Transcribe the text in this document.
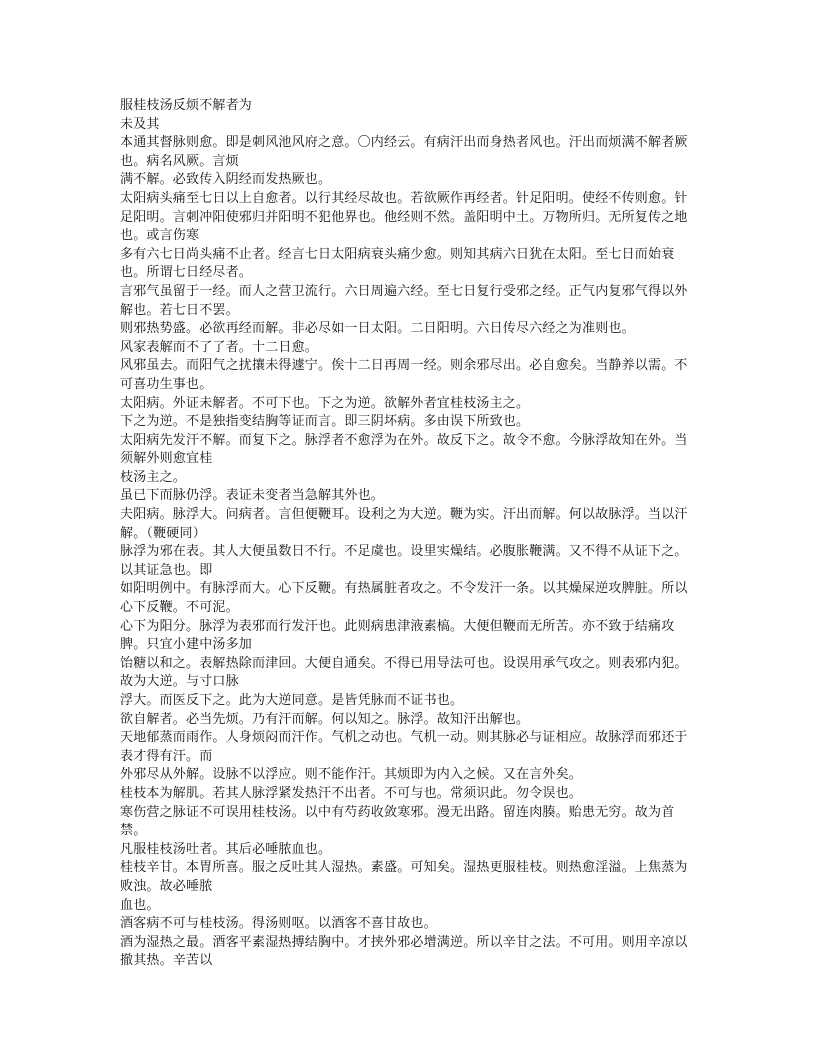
服桂枝汤反烦不解者为

未及其

本通其督脉则愈。即是刺风池风府之意。〇内经云。有病汗出而身热者风也。汗出而烦满不解者厥也。病名风厥。言烦

满不解。必致传入阴经而发热厥也。

太阳病头痛至七日以上自愈者。以行其经尽故也。若欲厥作再经者。针足阳明。使经不传则愈。针足阳明。言刺冲阳使邪归并阳明不犯他界也。他经则不然。盖阳明中土。万物所归。无所复传之地也。或言伤寒

多有六七日尚头痛不止者。经言七日太阳病衰头痛少愈。则知其病六日犹在太阳。至七日而始衰也。所谓七日经尽者。

言邪气虽留于一经。而人之营卫流行。六日周遍六经。至七日复行受邪之经。正气内复邪气得以外解也。若七日不罢。

则邪热势盛。必欲再经而解。非必尽如一日太阳。二日阳明。六日传尽六经之为准则也。

风家表解而不了了者。十二日愈。

风邪虽去。而阳气之扰攘未得遽宁。俟十二日再周一经。则余邪尽出。必自愈矣。当静养以需。不可喜功生事也。

太阳病。外证未解者。不可下也。下之为逆。欲解外者宜桂枝汤主之。

下之为逆。不是独指变结胸等证而言。即三阴坏病。多由误下所致也。

太阳病先发汗不解。而复下之。脉浮者不愈浮为在外。故反下之。故令不愈。今脉浮故知在外。当须解外则愈宜桂

枝汤主之。

虽已下而脉仍浮。表证未变者当急解其外也。

夫阳病。脉浮大。问病者。言但便鞭耳。设利之为大逆。鞭为实。汗出而解。何以故脉浮。当以汗解。（鞭硬同）

脉浮为邪在表。其人大便虽数日不行。不足虞也。设里实燥结。必腹胀鞭满。又不得不从证下之。以其证急也。即

如阳明例中。有脉浮而大。心下反鞭。有热属脏者攻之。不令发汗一条。以其燥屎逆攻脾脏。所以心下反鞭。不可泥。

心下为阳分。脉浮为表邪而行发汗也。此则病患津液素槁。大便但鞭而无所苦。亦不致于结痛攻脾。只宜小建中汤多加

饴糖以和之。表解热除而津回。大便自通矣。不得已用导法可也。设误用承气攻之。则表邪内犯。故为大逆。与寸口脉

浮大。而医反下之。此为大逆同意。是皆凭脉而不证书也。

欲自解者。必当先烦。乃有汗而解。何以知之。脉浮。故知汗出解也。

天地郁蒸而雨作。人身烦闷而汗作。气机之动也。气机一动。则其脉必与证相应。故脉浮而邪还于表才得有汗。而

外邪尽从外解。设脉不以浮应。则不能作汗。其烦即为内入之候。又在言外矣。

桂枝本为解肌。若其人脉浮紧发热汗不出者。不可与也。常须识此。勿令误也。

寒伤营之脉证不可误用桂枝汤。以中有芍药收敛寒邪。漫无出路。留连肉腠。贻患无穷。故为首禁。

凡服桂枝汤吐者。其后必唾脓血也。

桂枝辛甘。本胃所喜。服之反吐其人湿热。素盛。可知矣。湿热更服桂枝。则热愈淫溢。上焦蒸为败浊。故必唾脓

血也。

酒客病不可与桂枝汤。得汤则呕。以酒客不喜甘故也。

酒为湿热之最。酒客平素湿热搏结胸中。才挟外邪必增满逆。所以辛甘之法。不可用。则用辛凉以撤其热。辛苦以
